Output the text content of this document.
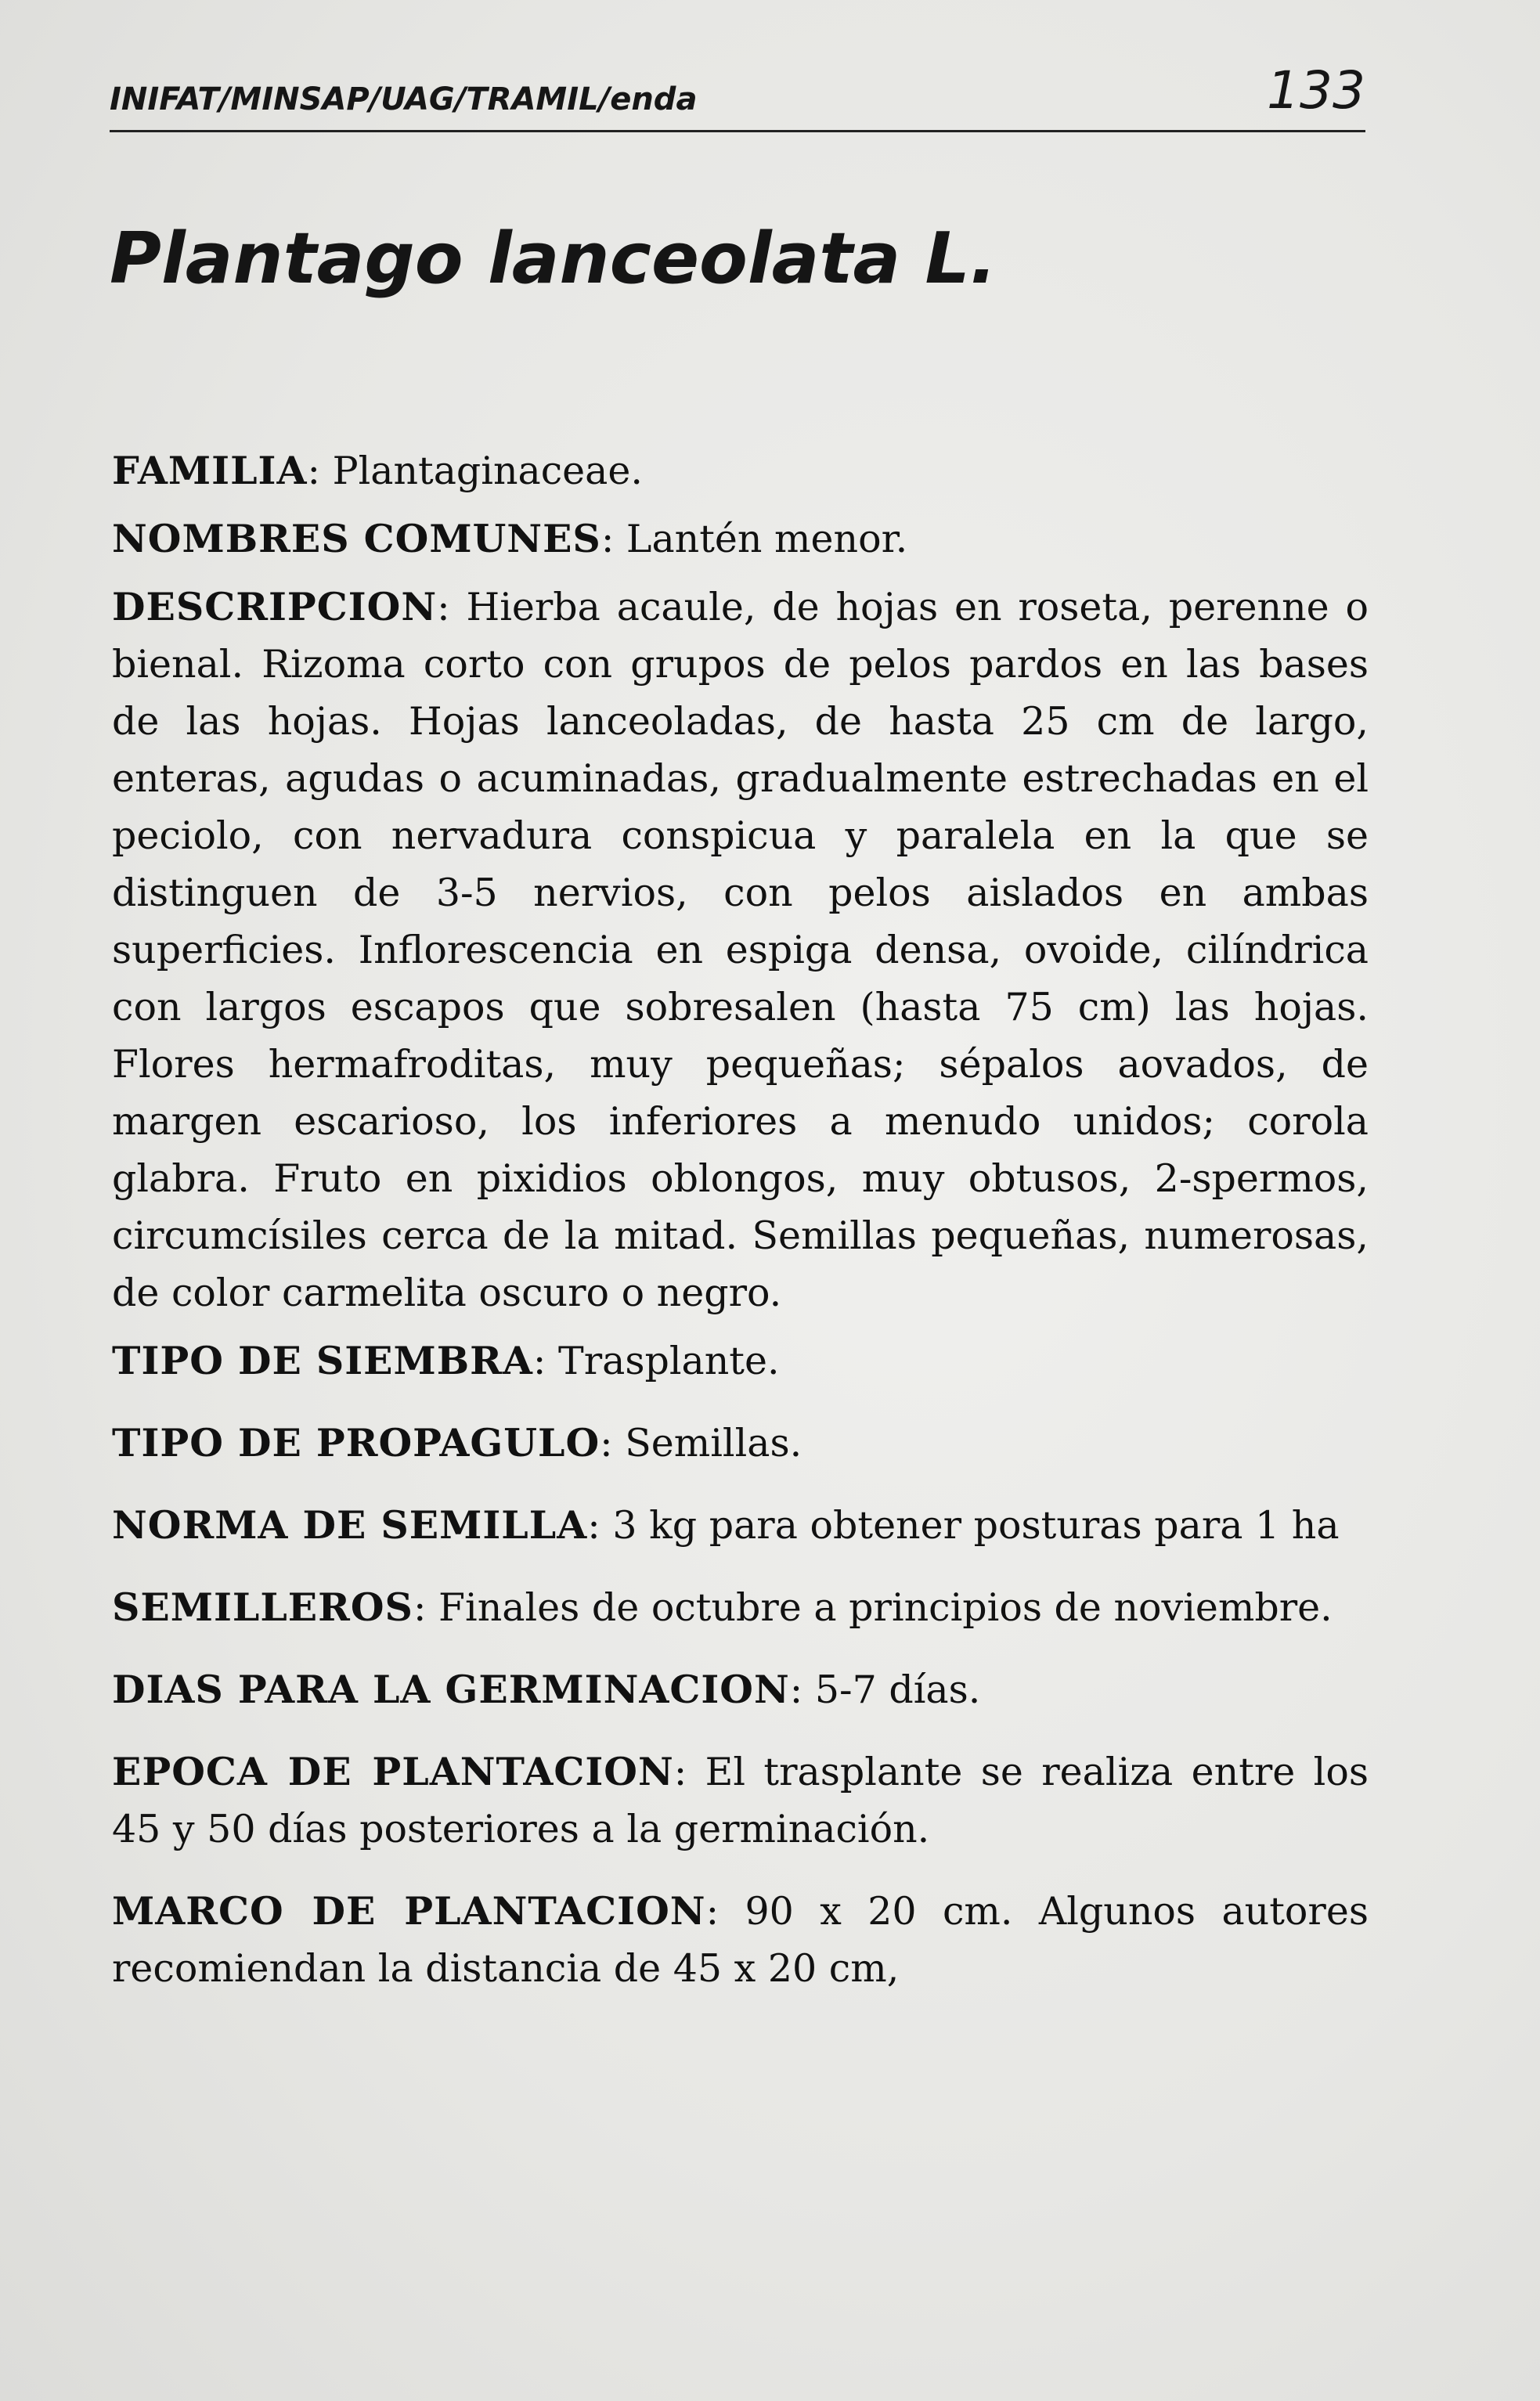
INIFAT/MINSAP/UAG/TRAMIL/enda	133
Plantago lanceolata L.

FAMILIA: Plantaginaceae.

NOMBRES COMUNES: Lantén menor.

DESCRIPCION: Hierba acaule, de hojas en roseta, perenne o bienal. Rizoma corto con grupos de pelos pardos en las bases de las hojas. Hojas lanceoladas, de hasta 25 cm de largo, enteras, agudas o acuminadas, gradualmente estrechadas en el peciolo, con nervadura conspicua y paralela en la que se distinguen de 3-5 nervios, con pelos aislados en ambas superficies. Inflorescencia en espiga densa, ovoide, cilíndrica con largos escapos que sobresalen (hasta 75 cm) las hojas. Flores hermafroditas, muy pequeñas; sépalos aovados, de margen escarioso, los inferiores a menudo unidos; corola glabra. Fruto en pixidios oblongos, muy obtusos, 2-spermos, circumcísiles cerca de la mitad. Semillas pequeñas, numerosas, de color carmelita oscuro o negro.

TIPO DE SIEMBRA: Trasplante.

TIPO DE PROPAGULO: Semillas.

NORMA DE SEMILLA: 3 kg para obtener posturas para 1 ha

SEMILLEROS: Finales de octubre a principios de noviembre.

DIAS PARA LA GERMINACION: 5-7 días.

EPOCA DE PLANTACION: El trasplante se realiza entre los 45 y 50 días posteriores a la germinación.

MARCO DE PLANTACION: 90 x 20 cm. Algunos autores recomiendan la distancia de 45 x 20 cm,
